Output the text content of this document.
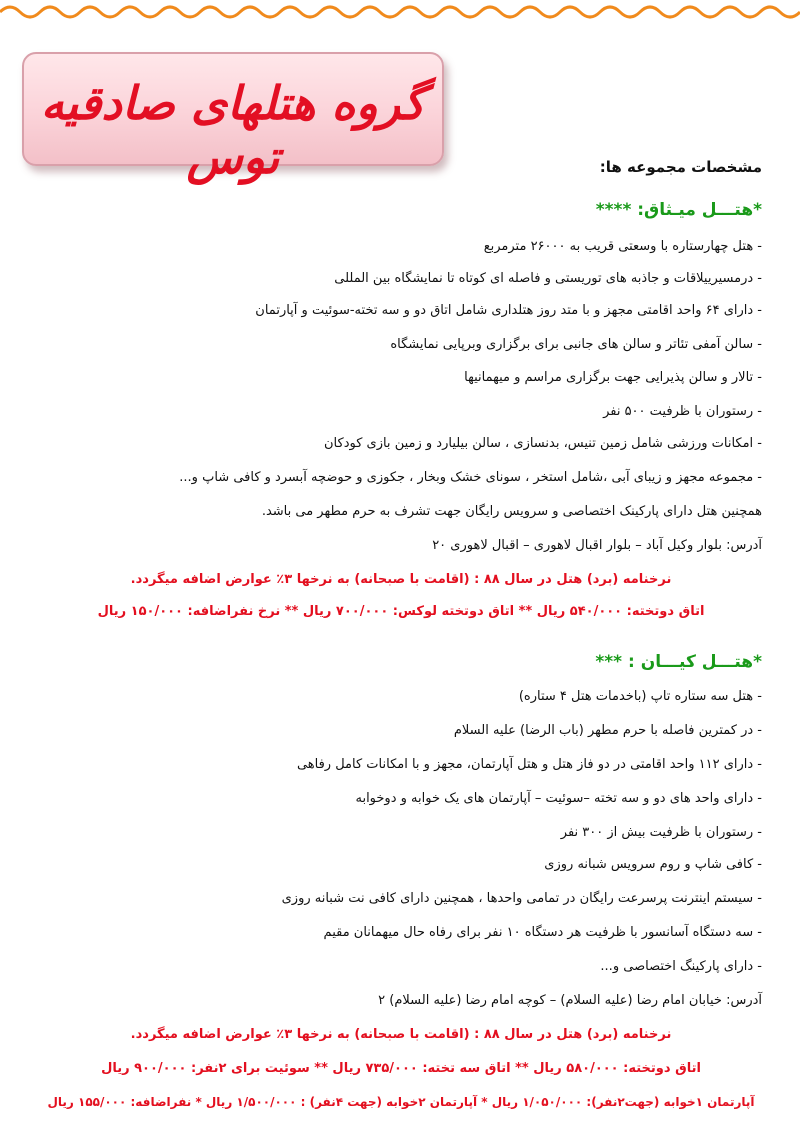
گروه هتلهای صادقیه توس	مشخصات مجموعه ها:
*هتـــل میـثاق: ****
- هتل چهارستاره با وسعتی قریب به ۲۶۰۰۰ مترمربع
- درمسیرییلاقات و جاذبه های توریستی و فاصله ای کوتاه تا نمایشگاه بین المللی
- دارای ۶۴ واحد اقامتی مجهز و با متد روز هتلداری شامل اتاق دو و سه تخته-سوئیت و آپارتمان
- سالن آمفی تئاتر و سالن های جانبی برای برگزاری وبرپایی نمایشگاه
- تالار و سالن پذیرایی جهت برگزاری مراسم و میهمانیها
- رستوران با ظرفیت ۵۰۰ نفر
- امکانات ورزشی شامل زمین تنیس، بدنسازی ، سالن بیلیارد و زمین بازی کودکان
- مجموعه مجهز و زیبای آبی ،شامل استخر ، سونای خشک وبخار ، جکوزی و حوضچه آبسرد و کافی شاپ و...
همچنین هتل دارای پارکینک اختصاصی و سرویس رایگان جهت تشرف به حرم مطهر می باشد.
آدرس: بلوار وکیل آباد – بلوار اقبال لاهوری – اقبال لاهوری ۲۰
نرخنامه (برد) هتل در سال ۸۸ : (اقامت با صبحانه) به نرخها ۳٪ عوارض اضافه میگردد.
اتاق دوتخته: ۵۴۰/۰۰۰ ریال ** اتاق دوتخته لوکس: ۷۰۰/۰۰۰ ریال ** نرخ نفراضافه: ۱۵۰/۰۰۰ ریال
*هتـــل کیـــان : ***
- هتل سه ستاره تاپ (باخدمات هتل ۴ ستاره)
- در کمترین فاصله با حرم مطهر (باب الرضا) علیه السلام
- دارای ۱۱۲ واحد اقامتی در دو فاز هتل و هتل آپارتمان، مجهز و با امکانات کامل رفاهی
- دارای واحد های دو و سه تخته –سوئیت – آپارتمان های یک خوابه و دوخوابه
- رستوران با ظرفیت بیش از ۳۰۰ نفر
- کافی شاپ و روم سرویس شبانه روزی
- سیستم اینترنت پرسرعت رایگان در تمامی واحدها ، همچنین دارای کافی نت شبانه روزی
- سه دستگاه آسانسور با ظرفیت هر دستگاه ۱۰ نفر برای رفاه حال میهمانان مقیم
- دارای پارکینگ اختصاصی و...
آدرس: خیابان امام رضا (علیه السلام) – کوچه امام رضا (علیه السلام) ۲
نرخنامه (برد) هتل در سال ۸۸ : (اقامت با صبحانه) به نرخها ۳٪ عوارض اضافه میگردد.
اتاق دوتخته: ۵۸۰/۰۰۰ ریال ** اتاق سه تخته: ۷۳۵/۰۰۰ ریال ** سوئیت برای ۲نفر: ۹۰۰/۰۰۰ ریال
آپارتمان ۱خوابه (جهت۲نفر): ۱/۰۵۰/۰۰۰ ریال * آپارتمان ۲خوابه (جهت ۴نفر) : ۱/۵۰۰/۰۰۰ ریال * نفراضافه: ۱۵۵/۰۰۰ ریال
